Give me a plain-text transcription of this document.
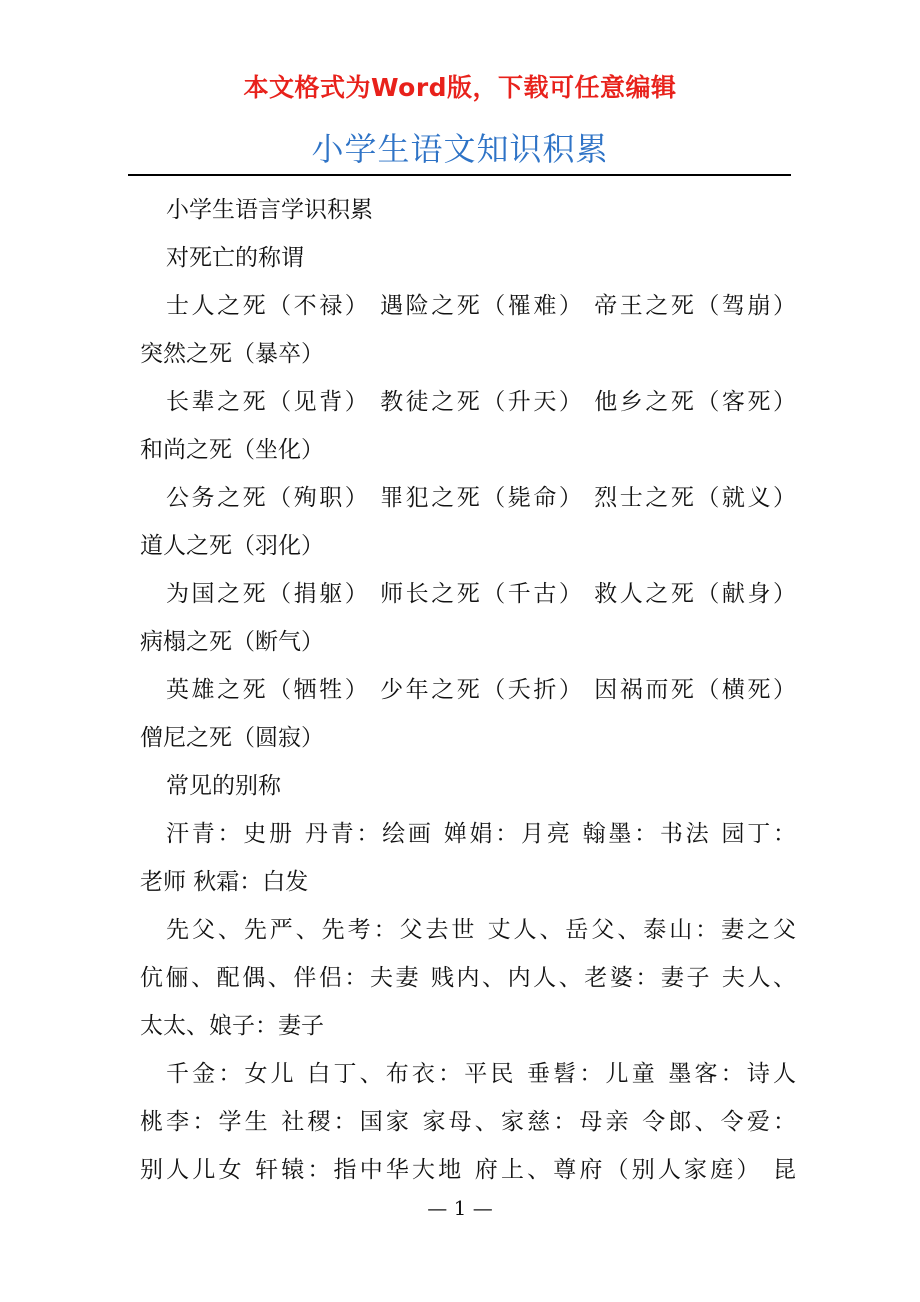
本文格式为Word版，下载可任意编辑
小学生语文知识积累
小学生语言学识积累
对死亡的称谓
士人之死（不禄） 遇险之死（罹难） 帝王之死（驾崩）
突然之死（暴卒）
长辈之死（见背） 教徒之死（升天） 他乡之死（客死）
和尚之死（坐化）
公务之死（殉职） 罪犯之死（毙命） 烈士之死（就义）
道人之死（羽化）
为国之死（捐躯） 师长之死（千古） 救人之死（献身）
病榻之死（断气）
英雄之死（牺牲） 少年之死（夭折） 因祸而死（横死）
僧尼之死（圆寂）
常见的别称
汗青：史册 丹青：绘画 婵娟：月亮 翰墨：书法 园丁：
老师 秋霜：白发
先父、先严、先考：父去世 丈人、岳父、泰山：妻之父
伉俪、配偶、伴侣：夫妻 贱内、内人、老婆：妻子 夫人、
太太、娘子：妻子
千金：女儿 白丁、布衣：平民 垂髫：儿童 墨客：诗人
桃李：学生 社稷：国家 家母、家慈：母亲 令郎、令爱：
别人儿女 轩辕：指中华大地 府上、尊府（别人家庭） 昆
— 1 —
